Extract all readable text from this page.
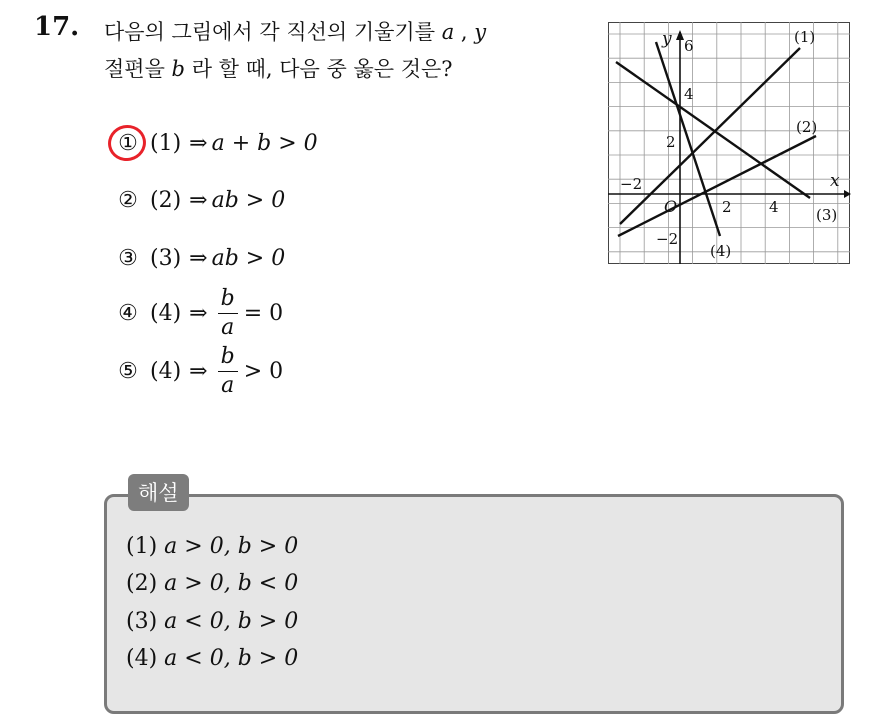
17. 다음의 그림에서 각 직선의 기울기를 a , y
절편을 b 라 할 때, 다음 중 옳은 것은?
① (1) ⇒ a + b > 0
② (2) ⇒ ab > 0
③ (3) ⇒ ab > 0
④ (4) ⇒ $\frac{b}{a} = 0$
⑤ (4) ⇒ $\frac{b}{a} > 0$
y
x
O
−2
2 4
6
4
2
−2
(1)
(2)
(3)
(4)
해설
(1) a > 0, b > 0
(2) a > 0, b < 0
(3) a < 0, b > 0
(4) a < 0, b > 0
